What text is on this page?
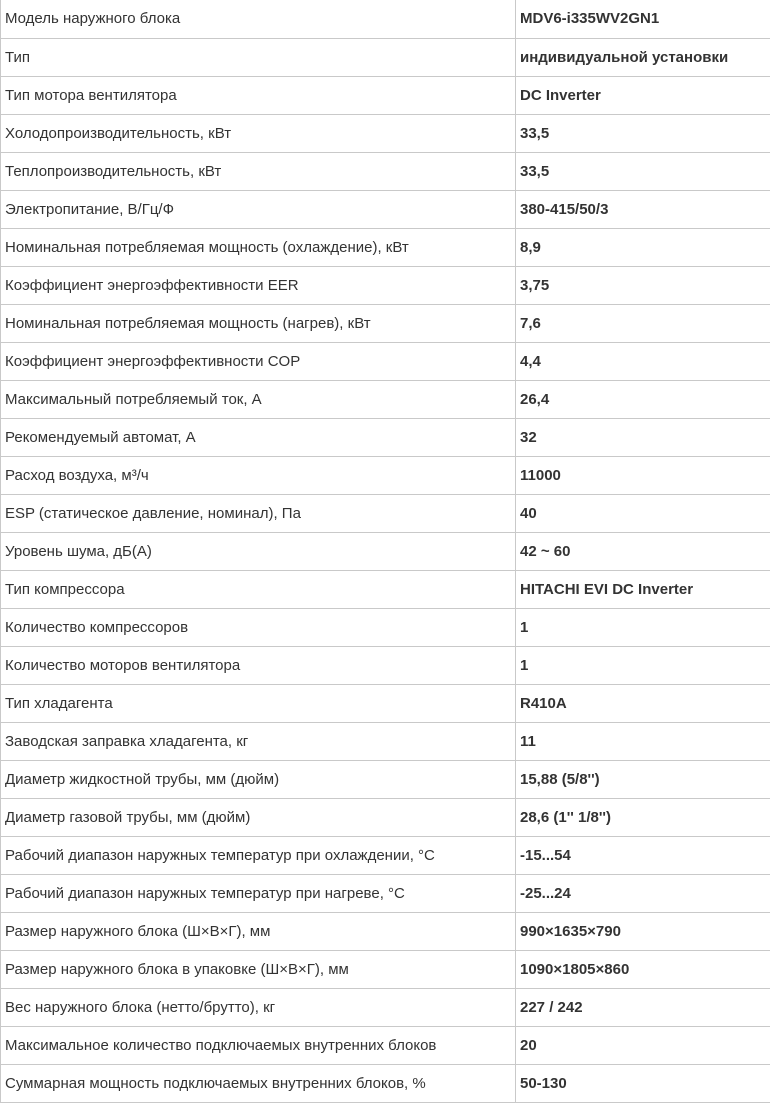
Модель наружного блока	MDV6-i335WV2GN1
Тип	индивидуальной установки
Тип мотора вентилятора	DC Inverter
Холодопроизводительность, кВт	33,5
Теплопроизводительность, кВт	33,5
Электропитание, В/Гц/Ф	380-415/50/3
Номинальная потребляемая мощность (охлаждение), кВт	8,9
Коэффициент энергоэффективности EER	3,75
Номинальная потребляемая мощность (нагрев), кВт	7,6
Коэффициент энергоэффективности COP	4,4
Максимальный потребляемый ток, А	26,4
Рекомендуемый автомат, А	32
Расход воздуха, м³/ч	11000
ESP (статическое давление, номинал), Па	40
Уровень шума, дБ(А)	42 ~ 60
Тип компрессора	HITACHI EVI DC Inverter
Количество компрессоров	1
Количество моторов вентилятора	1
Тип хладагента	R410A
Заводская заправка хладагента, кг	11
Диаметр жидкостной трубы, мм (дюйм)	15,88 (5/8'')
Диаметр газовой трубы, мм (дюйм)	28,6 (1'' 1/8'')
Рабочий диапазон наружных температур при охлаждении, °С	-15...54
Рабочий диапазон наружных температур при нагреве, °С	-25...24
Размер наружного блока (Ш×В×Г), мм	990×1635×790
Размер наружного блока в упаковке (Ш×В×Г), мм	1090×1805×860
Вес наружного блока (нетто/брутто), кг	227 / 242
Максимальное количество подключаемых внутренних блоков	20
Суммарная мощность подключаемых внутренних блоков, %	50-130
